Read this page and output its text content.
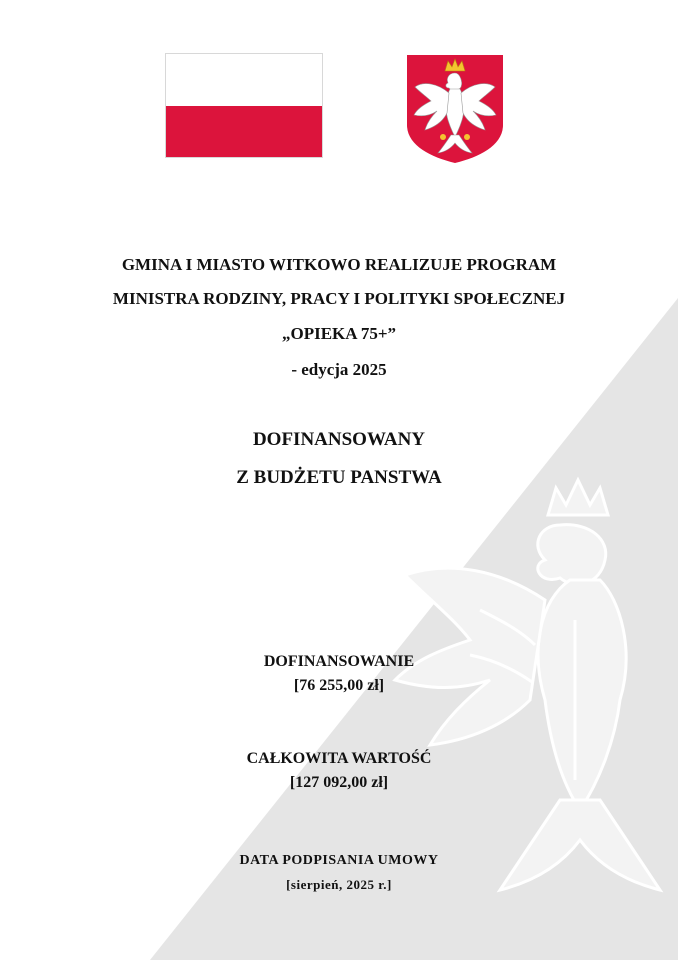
GMINA I MIASTO WITKOWO REALIZUJE PROGRAM
MINISTRA RODZINY, PRACY I POLITYKI SPOŁECZNEJ
„OPIEKA 75+”
- edycja 2025
DOFINANSOWANY
Z BUDŻETU PANSTWA
DOFINANSOWANIE
[76 255,00 zł]
CAŁKOWITA WARTOŚĆ
[127 092,00 zł]
DATA PODPISANIA UMOWY
[sierpień, 2025 r.]
